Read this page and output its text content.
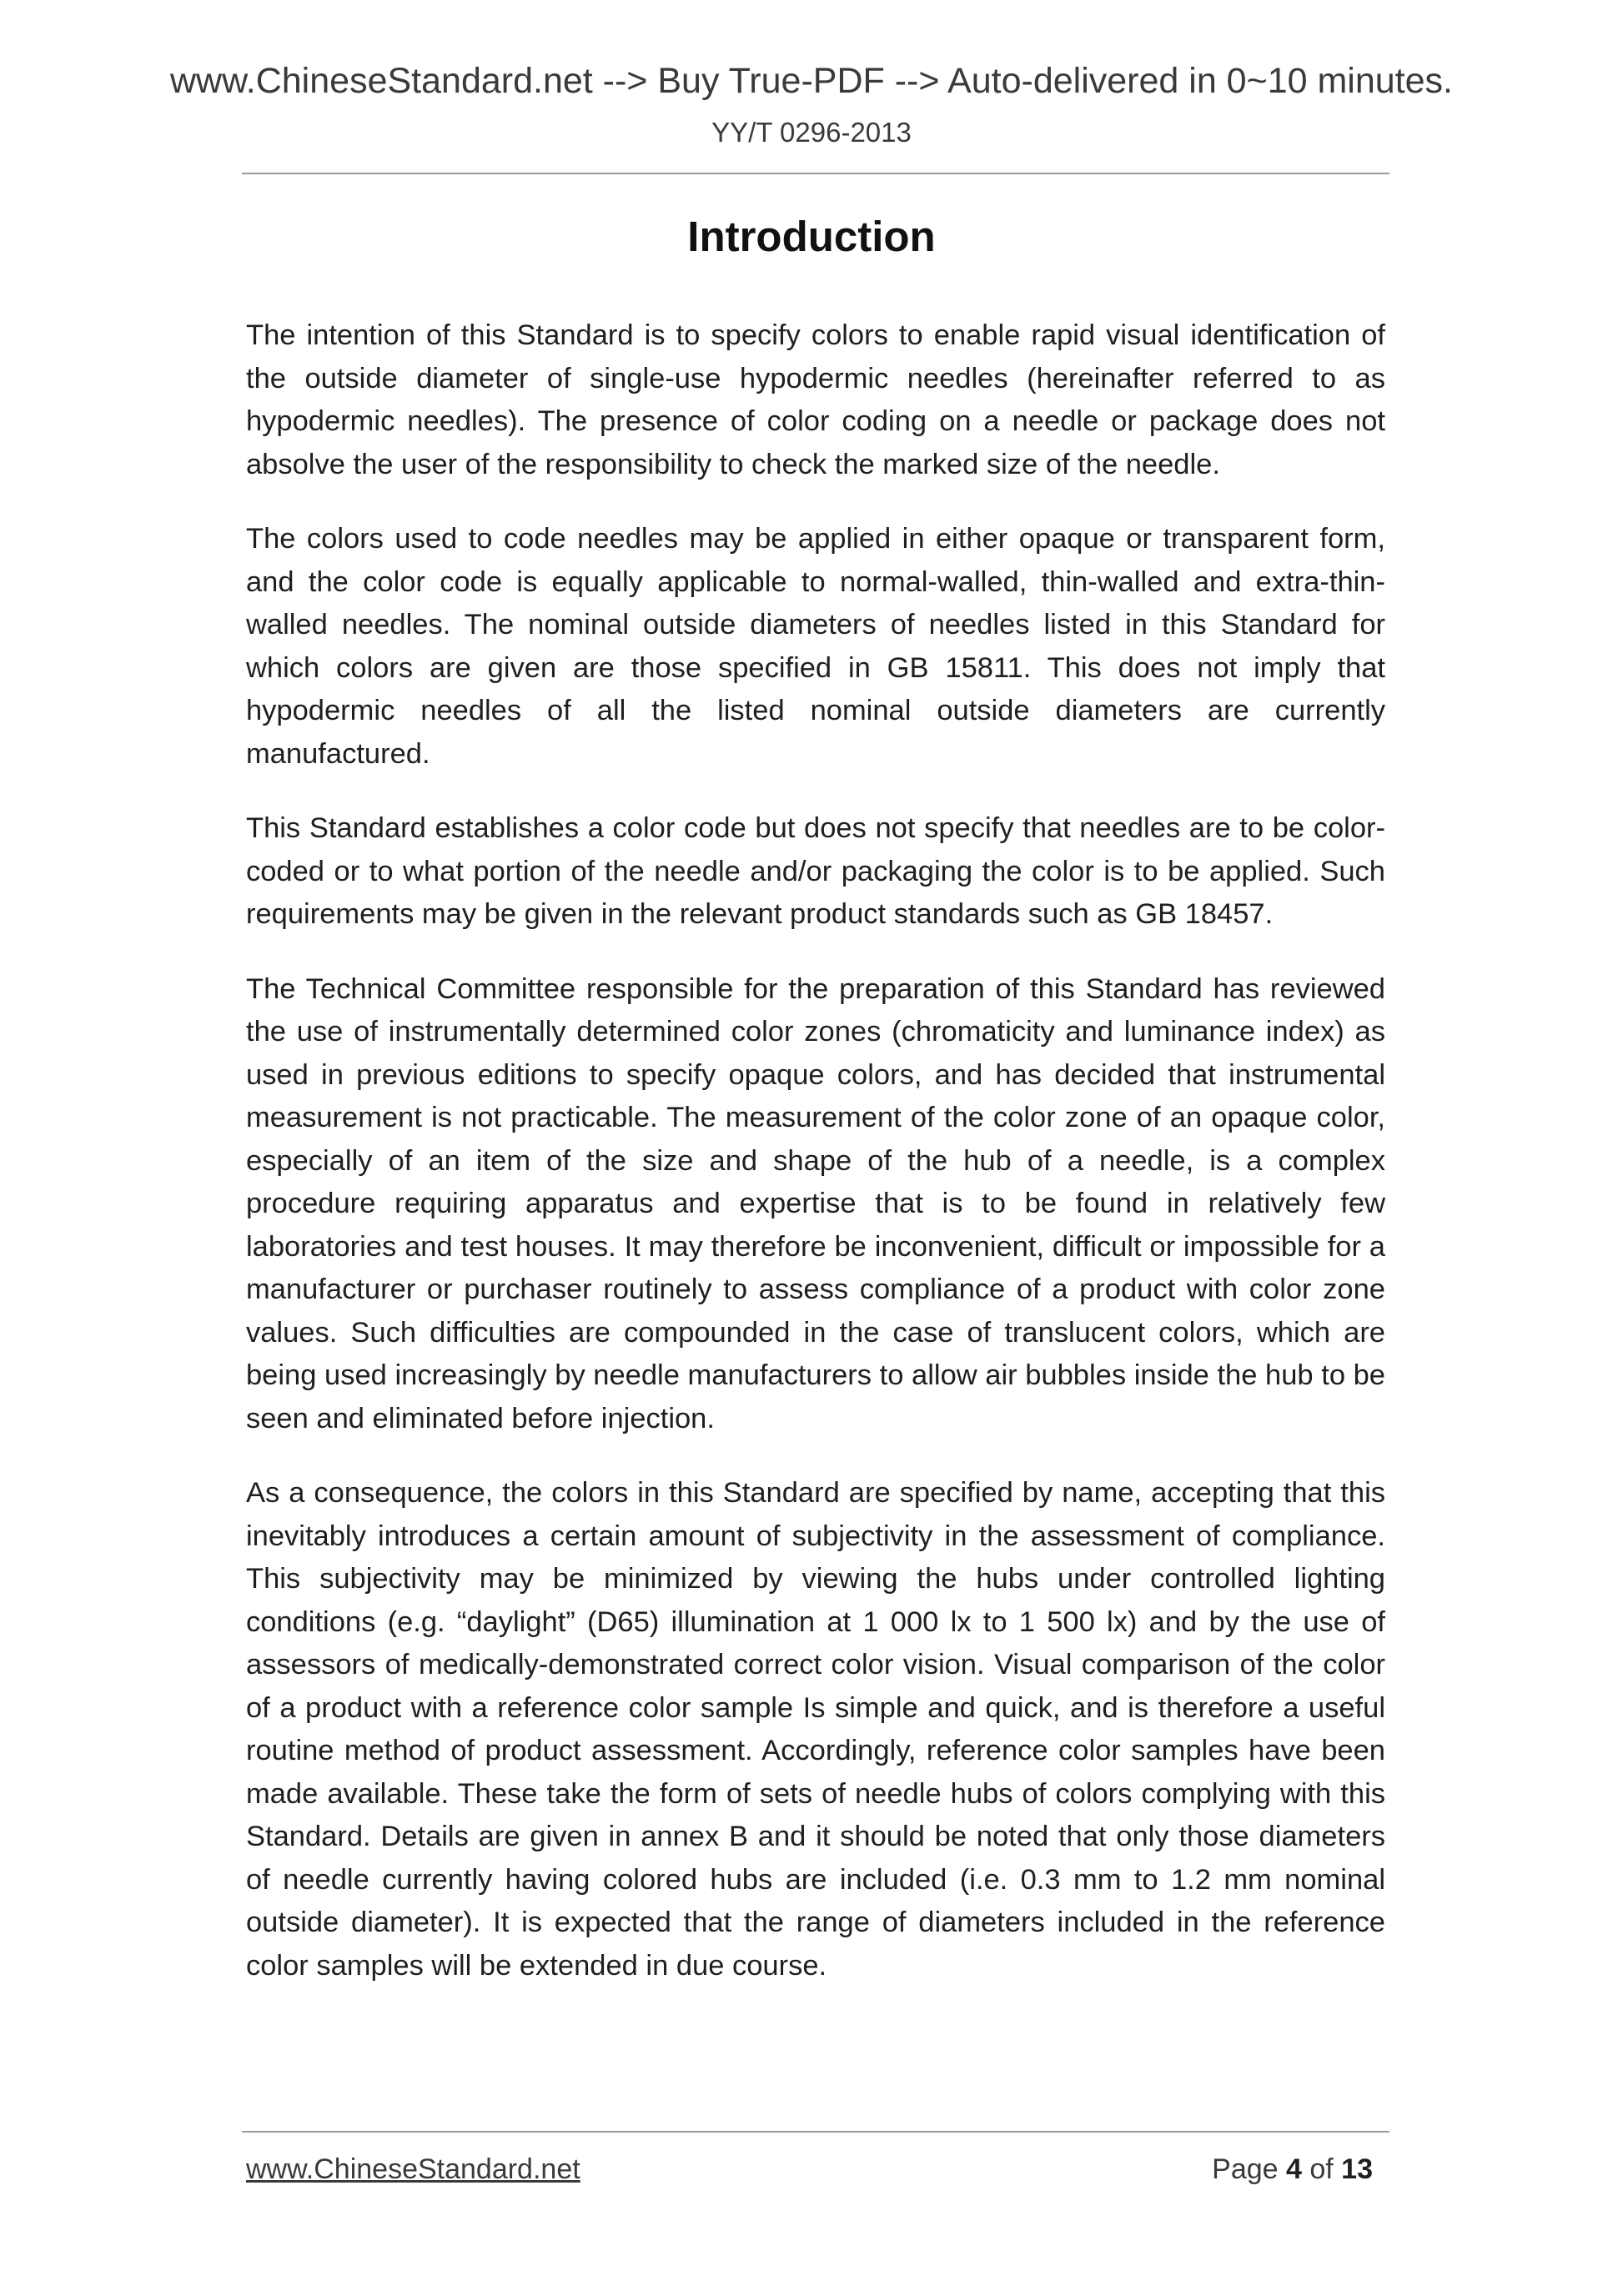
www.ChineseStandard.net --> Buy True-PDF --> Auto-delivered in 0~10 minutes.
YY/T 0296-2013
Introduction

The intention of this Standard is to specify colors to enable rapid visual identification of the outside diameter of single-use hypodermic needles (hereinafter referred to as hypodermic needles). The presence of color coding on a needle or package does not absolve the user of the responsibility to check the marked size of the needle.

The colors used to code needles may be applied in either opaque or transparent form, and the color code is equally applicable to normal-walled, thin-walled and extra-thin-walled needles. The nominal outside diameters of needles listed in this Standard for which colors are given are those specified in GB 15811. This does not imply that hypodermic needles of all the listed nominal outside diameters are currently manufactured.

This Standard establishes a color code but does not specify that needles are to be color-coded or to what portion of the needle and/or packaging the color is to be applied. Such requirements may be given in the relevant product standards such as GB 18457.

The Technical Committee responsible for the preparation of this Standard has reviewed the use of instrumentally determined color zones (chromaticity and luminance index) as used in previous editions to specify opaque colors, and has decided that instrumental measurement is not practicable. The measurement of the color zone of an opaque color, especially of an item of the size and shape of the hub of a needle, is a complex procedure requiring apparatus and expertise that is to be found in relatively few laboratories and test houses. It may therefore be inconvenient, difficult or impossible for a manufacturer or purchaser routinely to assess compliance of a product with color zone values. Such difficulties are compounded in the case of translucent colors, which are being used increasingly by needle manufacturers to allow air bubbles inside the hub to be seen and eliminated before injection.

As a consequence, the colors in this Standard are specified by name, accepting that this inevitably introduces a certain amount of subjectivity in the assessment of compliance. This subjectivity may be minimized by viewing the hubs under controlled lighting conditions (e.g. “daylight” (D65) illumination at 1 000 lx to 1 500 lx) and by the use of assessors of medically-demonstrated correct color vision. Visual comparison of the color of a product with a reference color sample Is simple and quick, and is therefore a useful routine method of product assessment. Accordingly, reference color samples have been made available. These take the form of sets of needle hubs of colors complying with this Standard. Details are given in annex B and it should be noted that only those diameters of needle currently having colored hubs are included (i.e. 0.3 mm to 1.2 mm nominal outside diameter). It is expected that the range of diameters included in the reference color samples will be extended in due course.

www.ChineseStandard.net	Page 4 of 13
